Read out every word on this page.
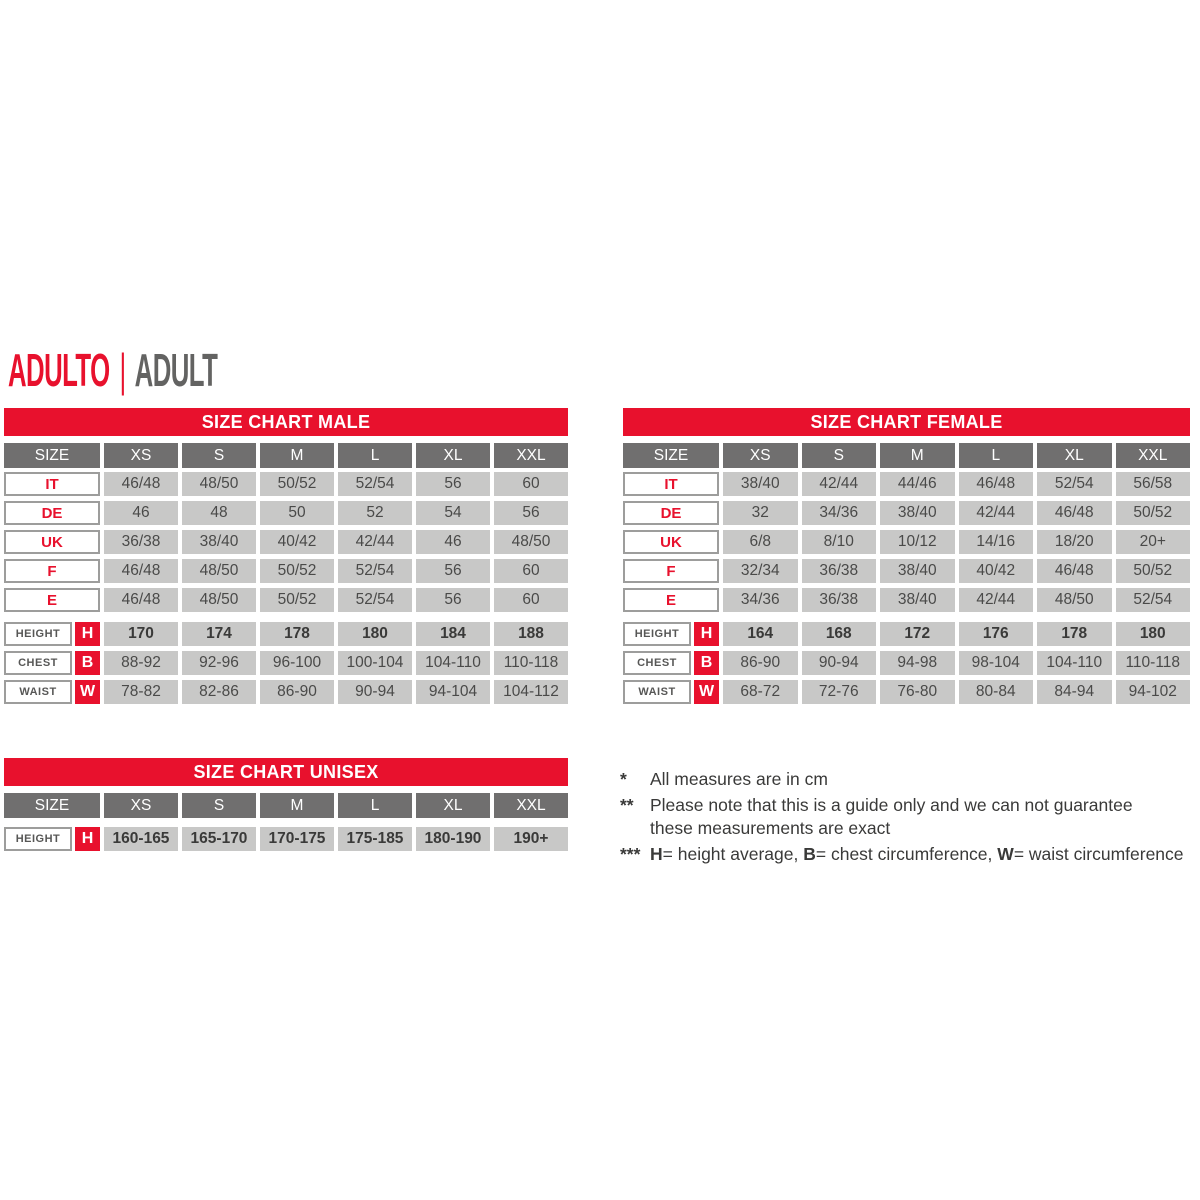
ADULTO | ADULT
SIZE CHART MALE
SIZE	XS	S	M	L	XL	XXL
IT	46/48	48/50	50/52	52/54	56	60
DE	46	48	50	52	54	56
UK	36/38	38/40	40/42	42/44	46	48/50
F	46/48	48/50	50/52	52/54	56	60
E	46/48	48/50	50/52	52/54	56	60
HEIGHT	H	170	174	178	180	184	188
CHEST	B	88-92	92-96	96-100	100-104	104-110	110-118
WAIST	W	78-82	82-86	86-90	90-94	94-104	104-112
SIZE CHART FEMALE
SIZE	XS	S	M	L	XL	XXL
IT	38/40	42/44	44/46	46/48	52/54	56/58
DE	32	34/36	38/40	42/44	46/48	50/52
UK	6/8	8/10	10/12	14/16	18/20	20+
F	32/34	36/38	38/40	40/42	46/48	50/52
E	34/36	36/38	38/40	42/44	48/50	52/54
HEIGHT	H	164	168	172	176	178	180
CHEST	B	86-90	90-94	94-98	98-104	104-110	110-118
WAIST	W	68-72	72-76	76-80	80-84	84-94	94-102
SIZE CHART UNISEX
SIZE	XS	S	M	L	XL	XXL
HEIGHT	H	160-165	165-170	170-175	175-185	180-190	190+
* All measures are in cm
** Please note that this is a guide only and we can not guarantee these measurements are exact
*** H= height average, B= chest circumference, W= waist circumference
